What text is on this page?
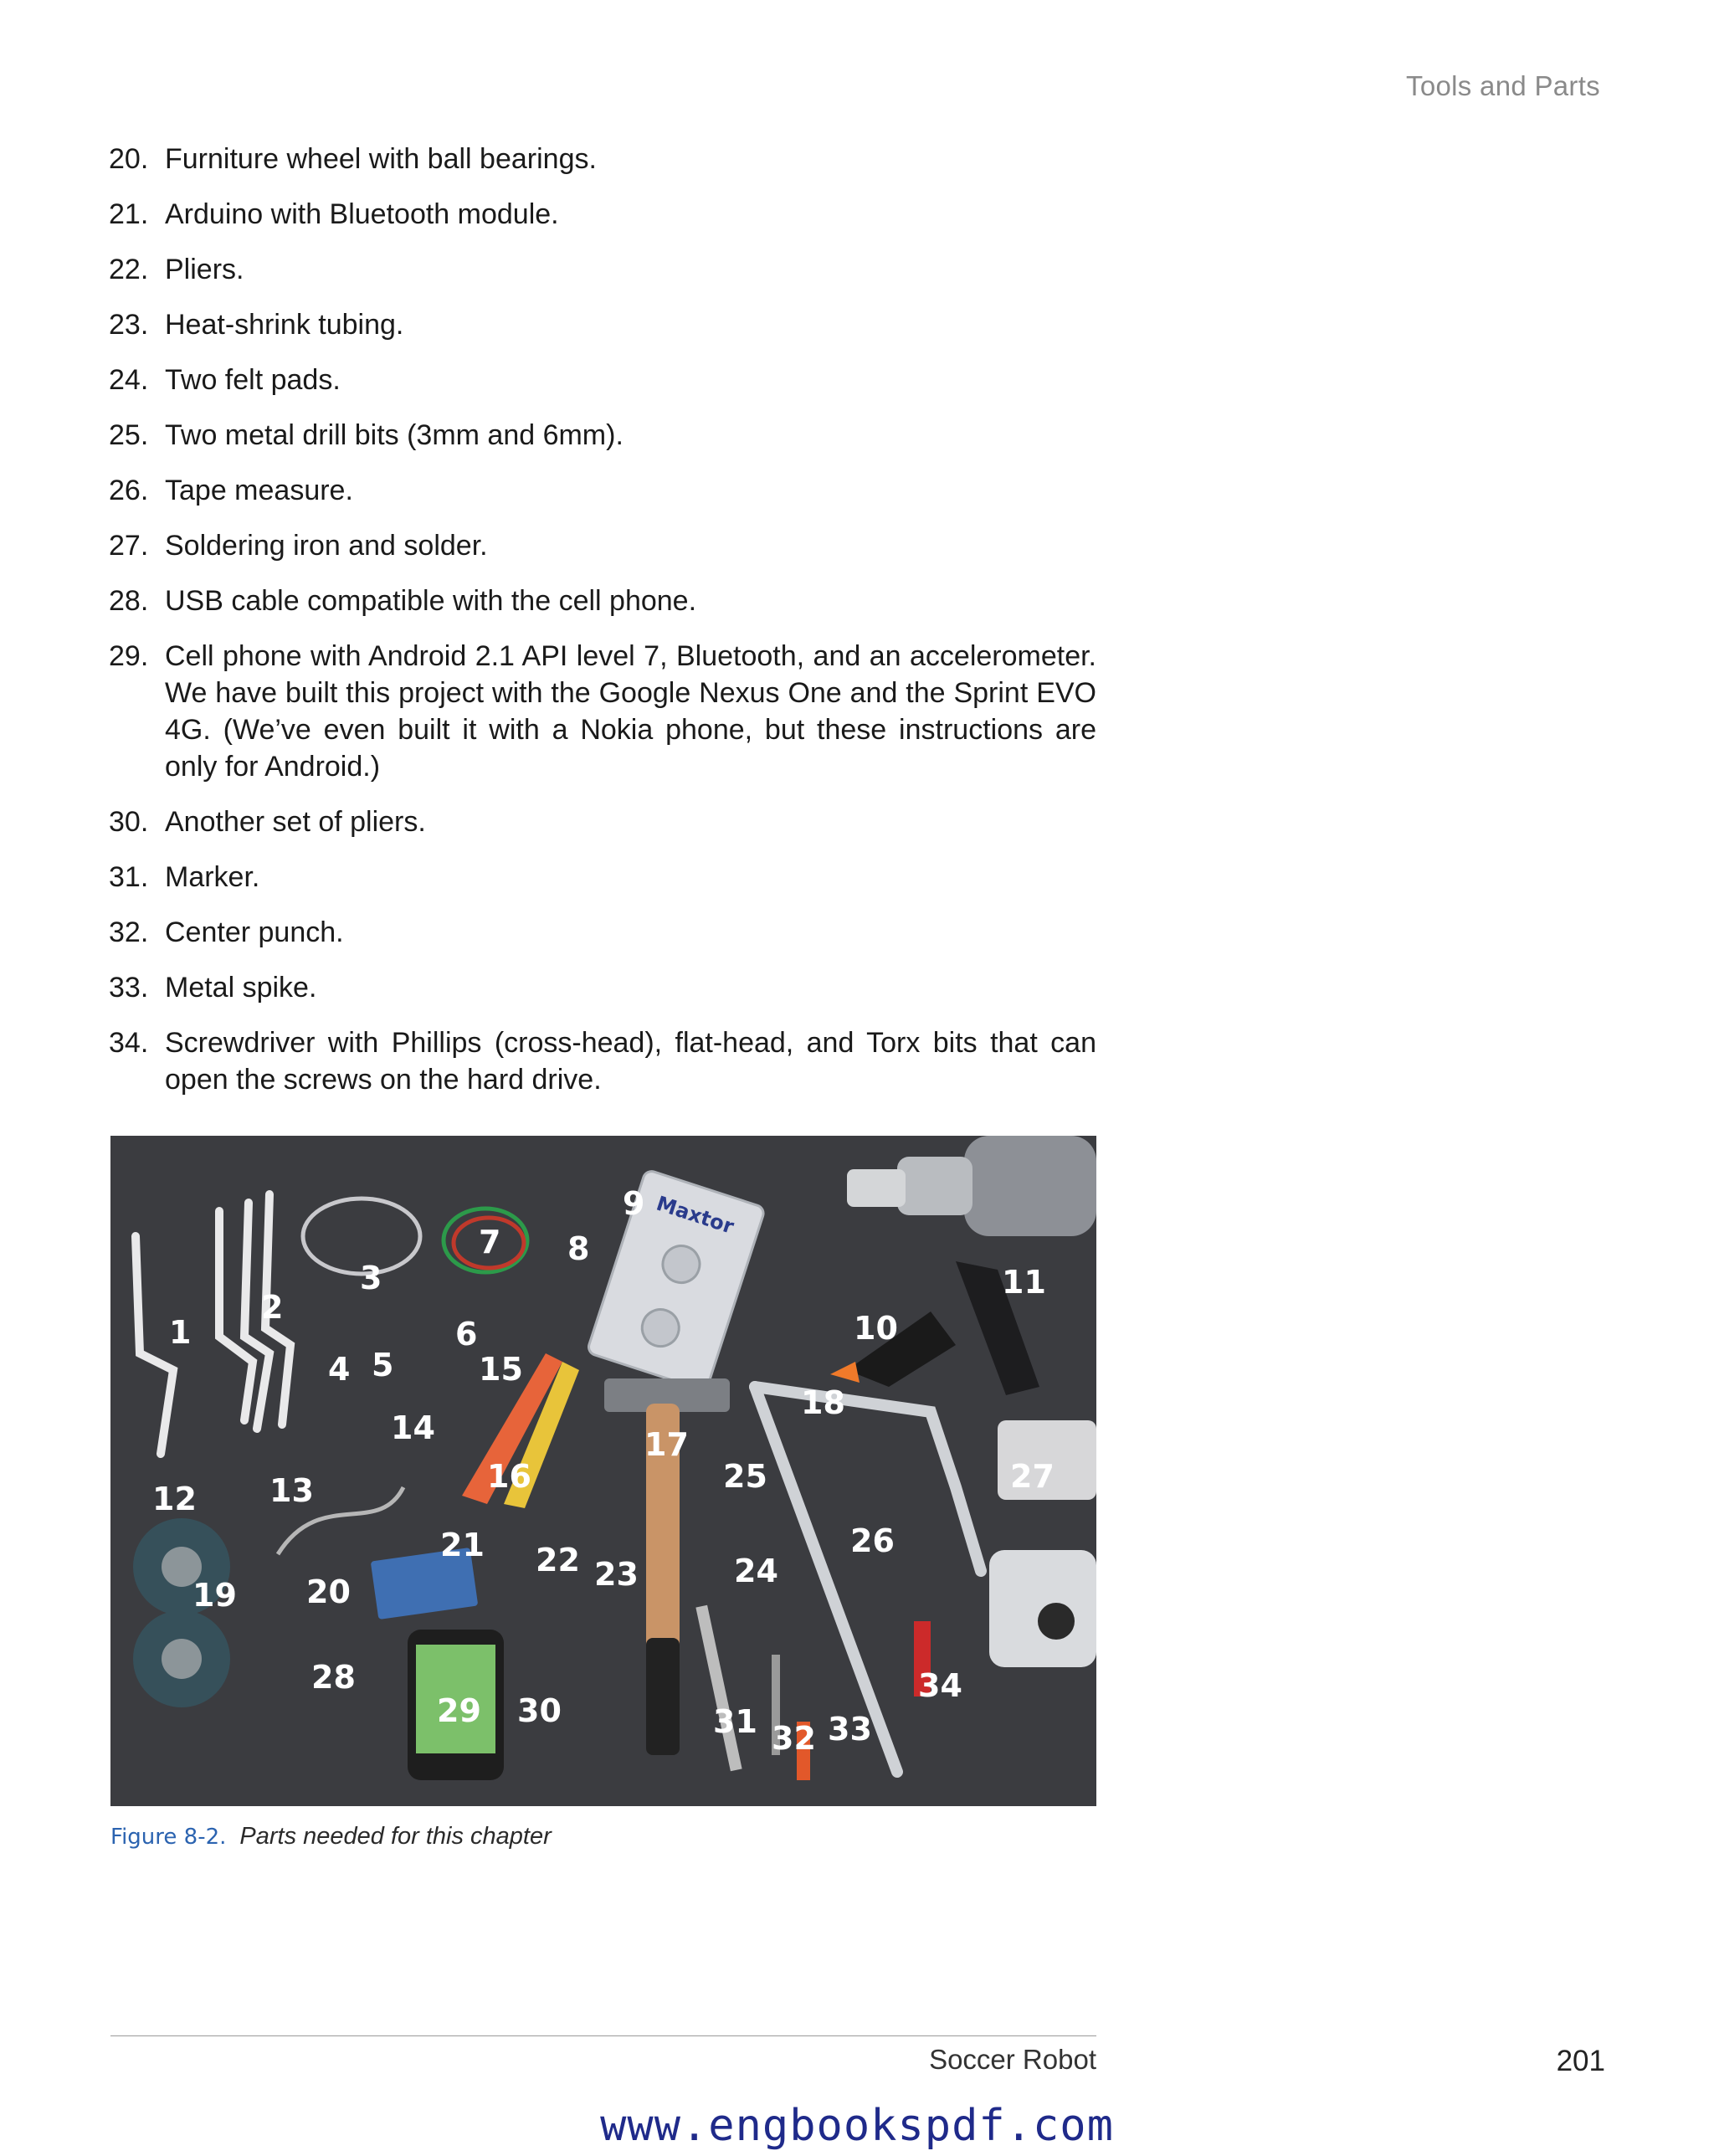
Tools and Parts
20. Furniture wheel with ball bearings.
21. Arduino with Bluetooth module.
22. Pliers.
23. Heat-shrink tubing.
24. Two felt pads.
25. Two metal drill bits (3mm and 6mm).
26. Tape measure.
27. Soldering iron and solder.
28. USB cable compatible with the cell phone.
29. Cell phone with Android 2.1 API level 7, Bluetooth, and an accelerometer. We have built this project with the Google Nexus One and the Sprint EVO 4G. (We’ve even built it with a Nokia phone, but these instructions are only for Android.)
30. Another set of pliers.
31. Marker.
32. Center punch.
33. Metal spike.
34. Screwdriver with Phillips (cross-head), flat-head, and Torx bits that can open the screws on the hard drive.
Maxtor
1
2
3
4 5
6
7 8
9
10
11
12 13
14
15
16
17
18
19 20
21 22 23	24
25
26
27
28
29 30	31 32 33
34
Figure 8-2. Parts needed for this chapter
Soccer Robot	201
www.engbookspdf.com
